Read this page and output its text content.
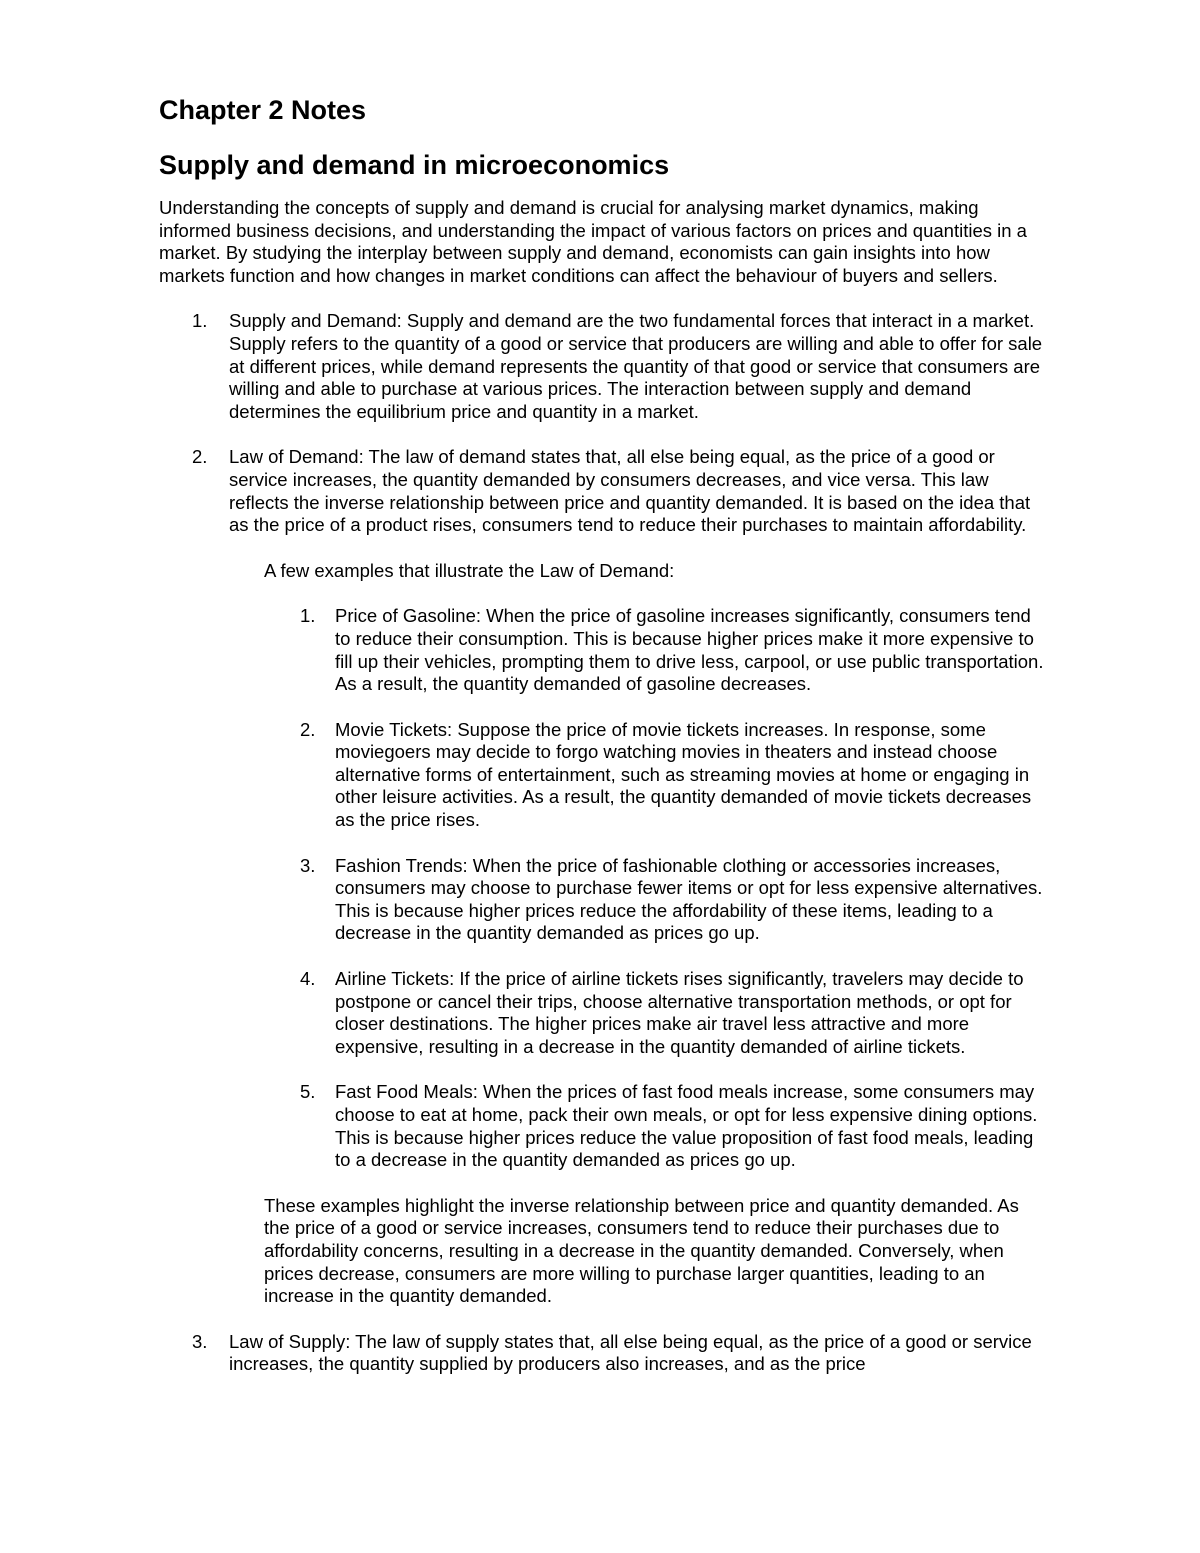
Chapter 2 Notes
Supply and demand in microeconomics

Understanding the concepts of supply and demand is crucial for analysing market dynamics, making informed business decisions, and understanding the impact of various factors on prices and quantities in a market. By studying the interplay between supply and demand, economists can gain insights into how markets function and how changes in market conditions can affect the behaviour of buyers and sellers.

1. Supply and Demand: Supply and demand are the two fundamental forces that interact in a market. Supply refers to the quantity of a good or service that producers are willing and able to offer for sale at different prices, while demand represents the quantity of that good or service that consumers are willing and able to purchase at various prices. The interaction between supply and demand determines the equilibrium price and quantity in a market.
2. Law of Demand: The law of demand states that, all else being equal, as the price of a good or service increases, the quantity demanded by consumers decreases, and vice versa. This law reflects the inverse relationship between price and quantity demanded. It is based on the idea that as the price of a product rises, consumers tend to reduce their purchases to maintain affordability.

A few examples that illustrate the Law of Demand:

1. Price of Gasoline: When the price of gasoline increases significantly, consumers tend to reduce their consumption. This is because higher prices make it more expensive to fill up their vehicles, prompting them to drive less, carpool, or use public transportation. As a result, the quantity demanded of gasoline decreases.
2. Movie Tickets: Suppose the price of movie tickets increases. In response, some moviegoers may decide to forgo watching movies in theaters and instead choose alternative forms of entertainment, such as streaming movies at home or engaging in other leisure activities. As a result, the quantity demanded of movie tickets decreases as the price rises.
3. Fashion Trends: When the price of fashionable clothing or accessories increases, consumers may choose to purchase fewer items or opt for less expensive alternatives. This is because higher prices reduce the affordability of these items, leading to a decrease in the quantity demanded as prices go up.
4. Airline Tickets: If the price of airline tickets rises significantly, travelers may decide to postpone or cancel their trips, choose alternative transportation methods, or opt for closer destinations. The higher prices make air travel less attractive and more expensive, resulting in a decrease in the quantity demanded of airline tickets.
5. Fast Food Meals: When the prices of fast food meals increase, some consumers may choose to eat at home, pack their own meals, or opt for less expensive dining options. This is because higher prices reduce the value proposition of fast food meals, leading to a decrease in the quantity demanded as prices go up.

These examples highlight the inverse relationship between price and quantity demanded. As the price of a good or service increases, consumers tend to reduce their purchases due to affordability concerns, resulting in a decrease in the quantity demanded. Conversely, when prices decrease, consumers are more willing to purchase larger quantities, leading to an increase in the quantity demanded.

3. Law of Supply: The law of supply states that, all else being equal, as the price of a good or service increases, the quantity supplied by producers also increases, and as the price
